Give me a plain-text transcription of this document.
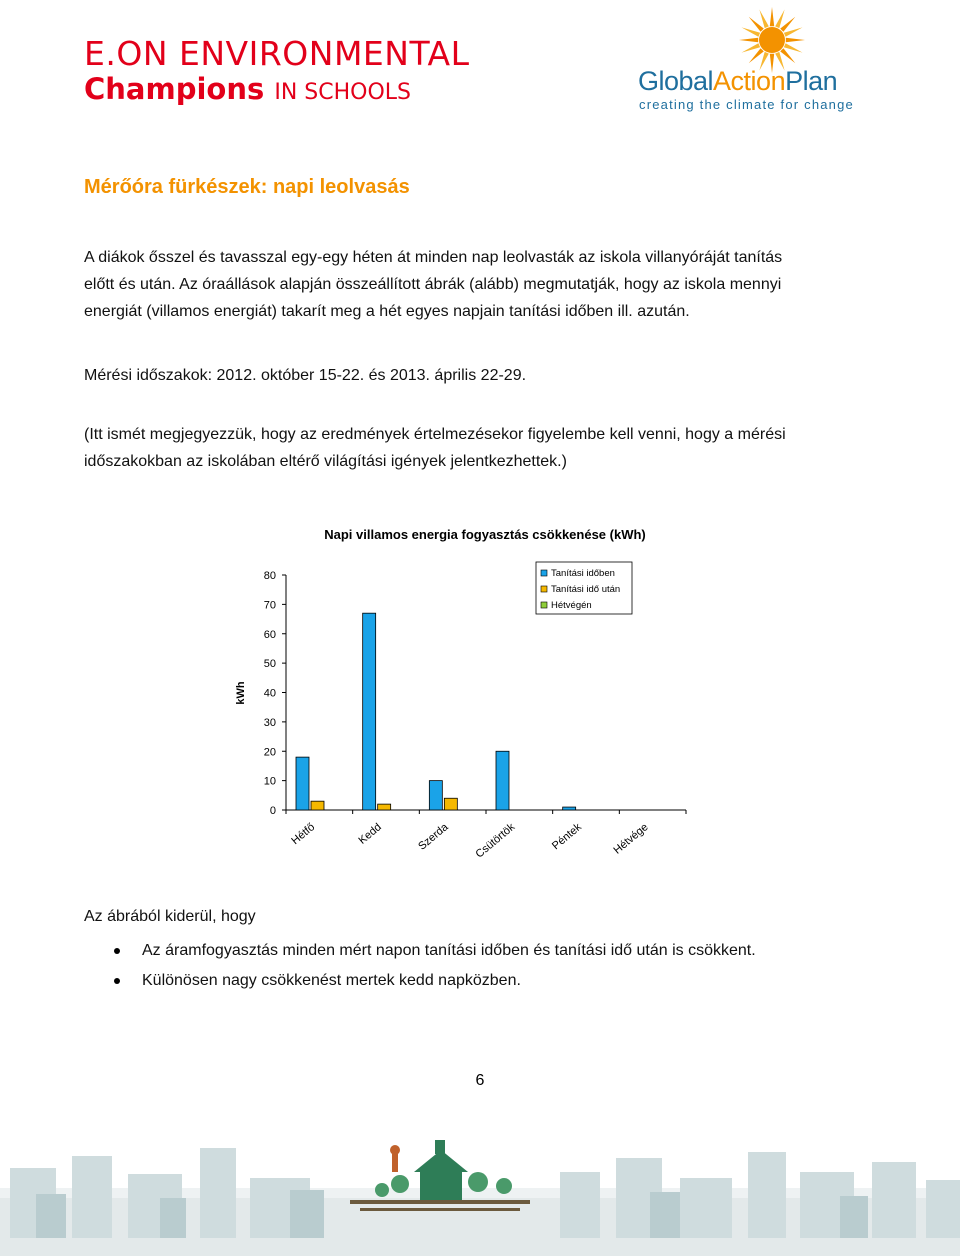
E.ON ENVIRONMENTAL
Champions IN SCHOOLS	GlobalActionPlan
creating the climate for change
Mérőóra fürkészek: napi leolvasás
A diákok ősszel és tavasszal egy-egy héten át minden nap leolvasták az iskola villanyóráját tanítás
előtt és után. Az óraállások alapján összeállított ábrák (alább) megmutatják, hogy az iskola mennyi
energiát (villamos energiát) takarít meg a hét egyes napjain tanítási időben ill. azután.
Mérési időszakok: 2012. október 15-22. és 2013. április 22-29.
(Itt ismét megjegyezzük, hogy az eredmények értelmezésekor figyelembe kell venni, hogy a mérési
időszakokban az iskolában eltérő világítási igények jelentkezhettek.)
Napi villamos energia fogyasztás csökkenése (kWh)
kWh
0
10
20
30
40
50
60
70
80
Hétfő	Kedd	Szerda Csütörtök	Péntek	Hétvége
Tanítási időben
Tanítási idő után
Hétvégén
Az ábrából kiderül, hogy
Az áramfogyasztás minden mért napon tanítási időben és tanítási idő után is csökkent.
Különösen nagy csökkenést mertek kedd napközben.
6
